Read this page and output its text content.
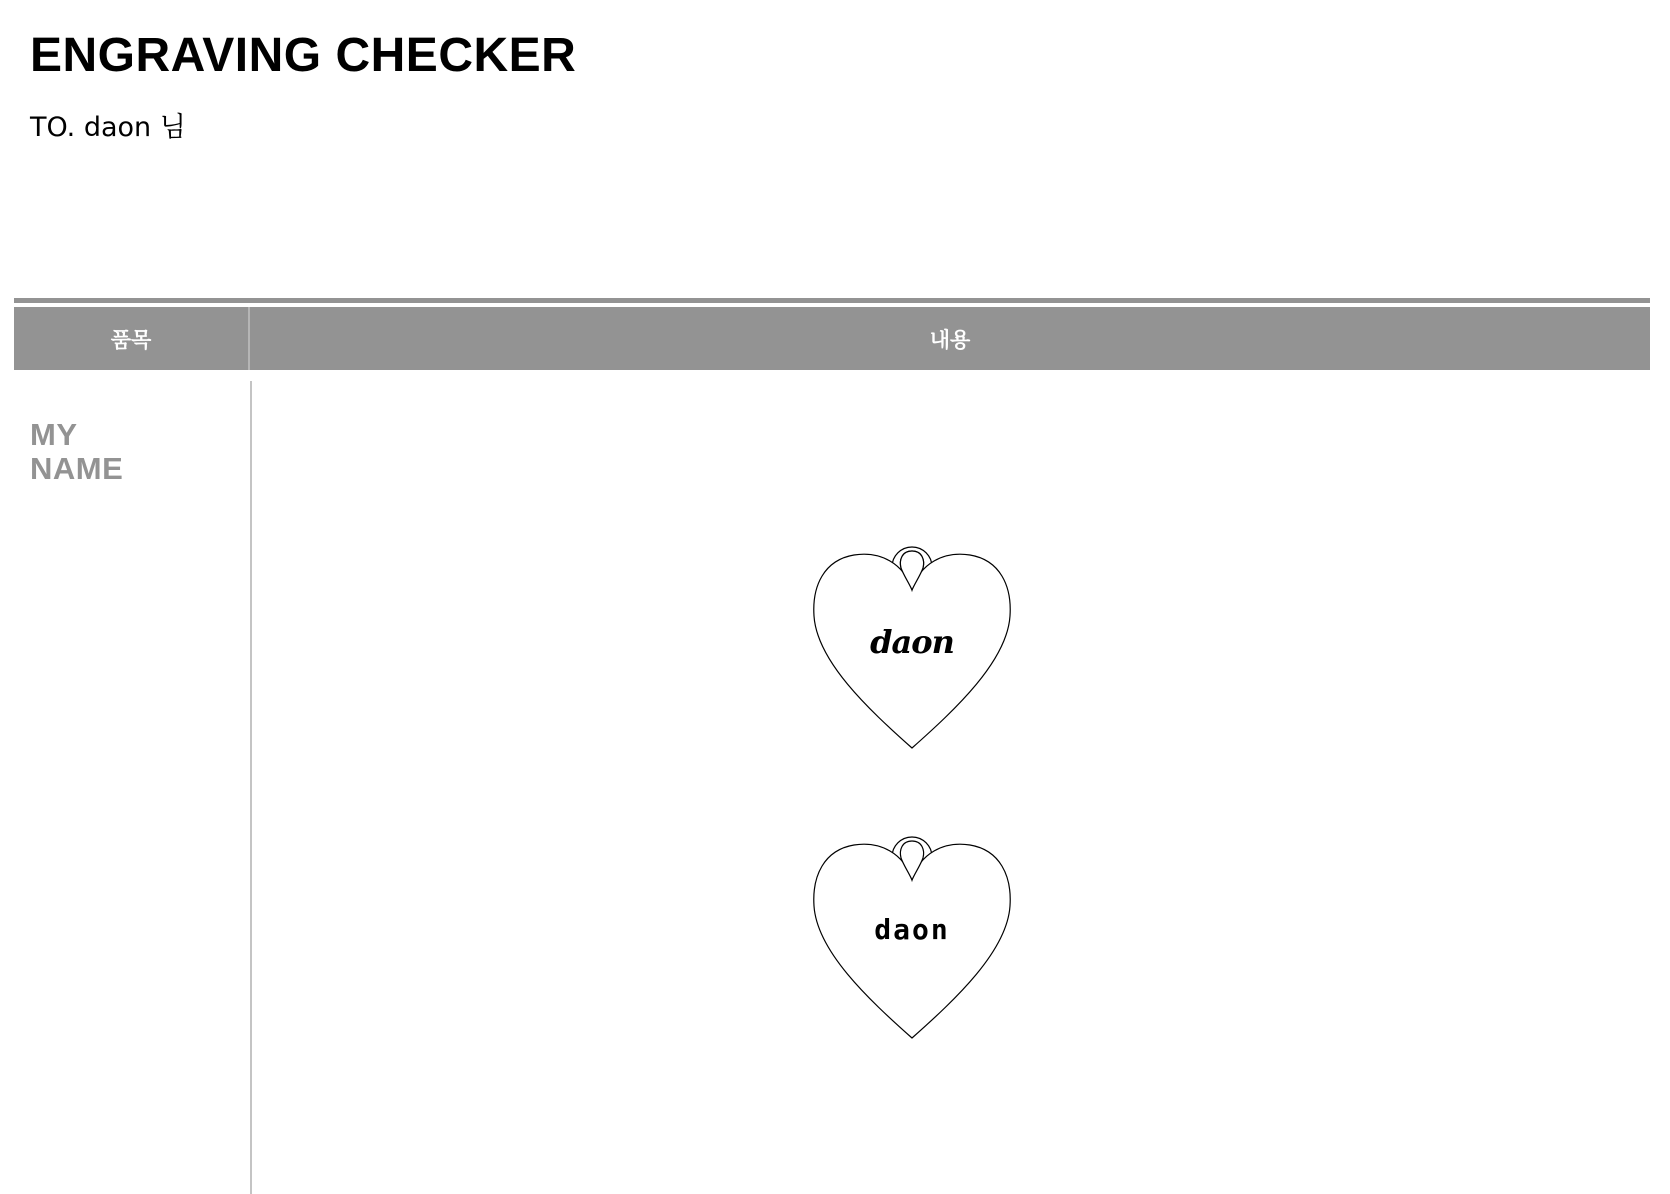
ENGRAVING CHECKER
TO. daon 님
품목	내용
MY
NAME
daon
daon
